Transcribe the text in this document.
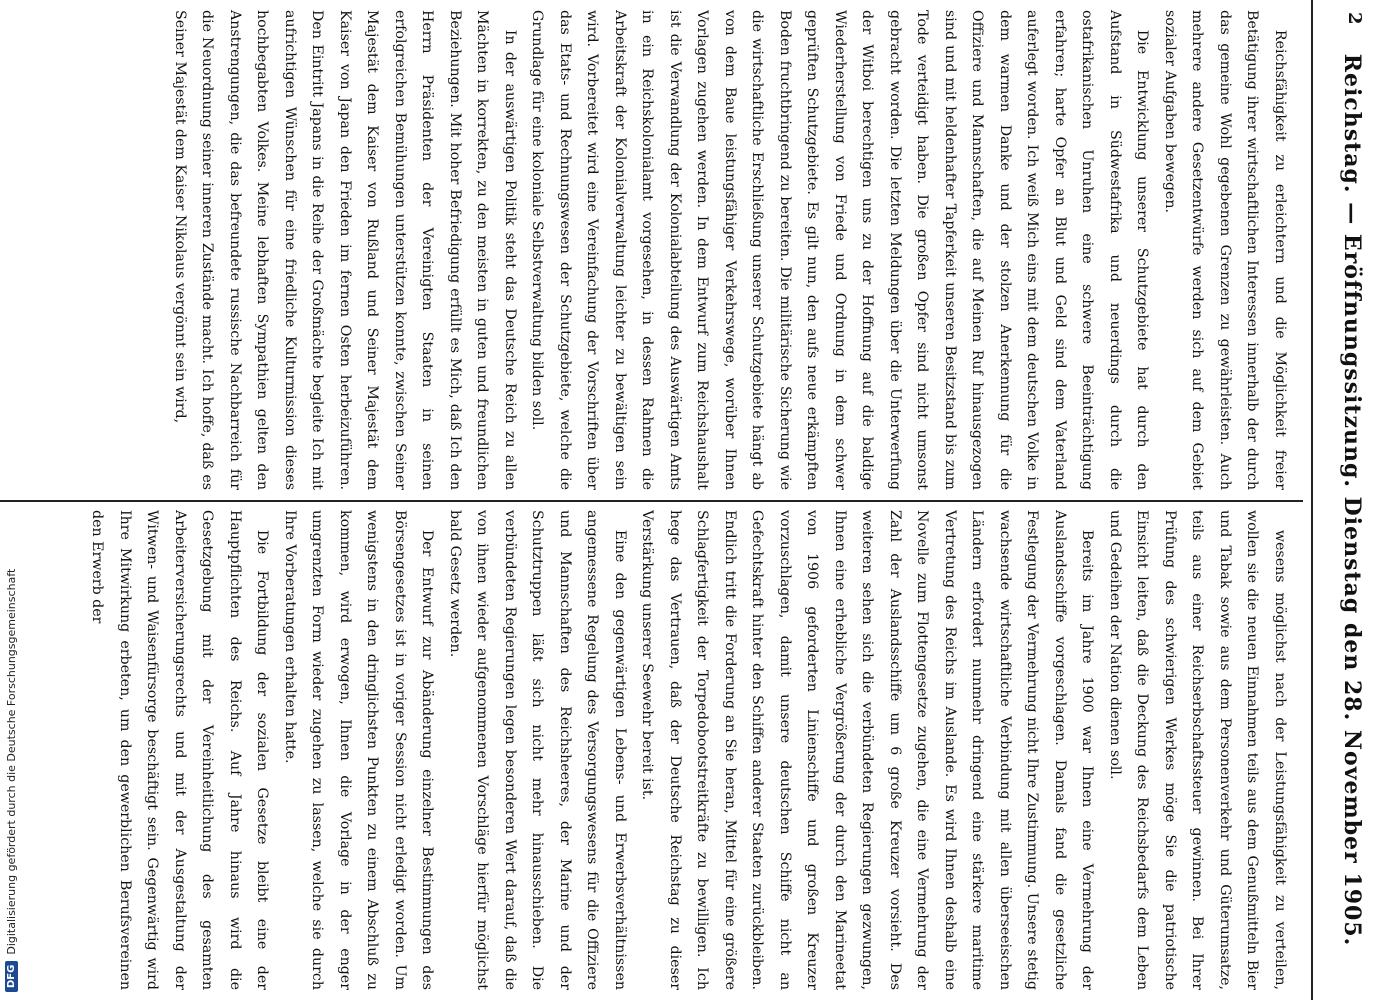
2
Reichstag. — Eröffnungssitzung. Dienstag den 28. November 1905.

Reichsfähigkeit zu erleichtern und die Möglichkeit freier Betätigung ihrer wirtschaftlichen Interessen innerhalb der durch das gemeine Wohl gegebenen Grenzen zu gewährleisten. Auch mehrere andere Gesetzentwürfe werden sich auf dem Gebiet sozialer Aufgaben bewegen.

Die Entwicklung unserer Schutzgebiete hat durch den Aufstand in Südwestafrika und neuerdings durch die ostafrikanischen Unruhen eine schwere Beeinträchtigung erfahren; harte Opfer an Blut und Geld sind dem Vaterland auferlegt worden. Ich weiß Mich eins mit dem deutschen Volke in dem warmen Danke und der stolzen Anerkennung für die Offiziere und Mannschaften, die auf Meinen Ruf hinausgezogen sind und mit heldenhafter Tapferkeit unseren Besitzstand bis zum Tode verteidigt haben. Die großen Opfer sind nicht umsonst gebracht worden. Die letzten Meldungen über die Unterwerfung der Witboi berechtigen uns zu der Hoffnung auf die baldige Wiederherstellung von Friede und Ordnung in dem schwer geprüften Schutzgebiete. Es gilt nun, den aufs neue erkämpften Boden fruchtbringend zu bereiten. Die militärische Sicherung wie die wirtschaftliche Erschließung unserer Schutzgebiete hängt ab von dem Baue leistungsfähiger Verkehrswege, worüber Ihnen Vorlagen zugehen werden. In dem Entwurf zum Reichshaushalt ist die Verwandlung der Kolonialabteilung des Auswärtigen Amts in ein Reichskolonialamt vorgesehen, in dessen Rahmen die Arbeitskraft der Kolonialverwaltung leichter zu bewältigen sein wird. Vorbereitet wird eine Vereinfachung der Vorschriften über das Etats- und Rechnungswesen der Schutzgebiete, welche die Grundlage für eine koloniale Selbstverwaltung bilden soll.

In der auswärtigen Politik steht das Deutsche Reich zu allen Mächten in korrekten, zu den meisten in guten und freundlichen Beziehungen. Mit hoher Befriedigung erfüllt es Mich, daß Ich den Herrn Präsidenten der Vereinigten Staaten in seinen erfolgreichen Bemühungen unterstützen konnte, zwischen Seiner Majestät dem Kaiser von Rußland und Seiner Majestät dem Kaiser von Japan den Frieden im fernen Osten herbeizuführen. Den Eintritt Japans in die Reihe der Großmächte begleite Ich mit aufrichtigen Wünschen für eine friedliche Kulturmission dieses hochbegabten Volkes. Meine lebhaften Sympathien gelten den Anstrengungen, die das befreundete russische Nachbarreich für die Neuordnung seiner inneren Zustände macht. Ich hoffe, daß es Seiner Majestät dem Kaiser Nikolaus vergönnt sein wird,

wesens möglichst nach der Leistungsfähigkeit zu verteilen, wollen sie die neuen Einnahmen teils aus dem Genußmitteln Bier und Tabak sowie aus dem Personenverkehr und Güterumsatze, teils aus einer Reichserbschaftssteuer gewinnen. Bei Ihrer Prüfung des schwierigen Werkes möge Sie die patriotische Einsicht leiten, daß die Deckung des Reichsbedarfs dem Leben und Gedeihen der Nation dienen soll.

Bereits im Jahre 1900 war Ihnen eine Vermehrung der Auslandsschiffe vorgeschlagen. Damals fand die gesetzliche Festlegung der Vermehrung nicht Ihre Zustimmung. Unsere stetig wachsende wirtschaftliche Verbindung mit allen überseeischen Ländern erfordert nunmehr dringend eine stärkere maritime Vertretung des Reichs im Auslande. Es wird Ihnen deshalb eine Novelle zum Flottengesetze zugehen, die eine Vermehrung der Zahl der Auslandsschiffe um 6 große Kreuzer vorsieht. Des weiteren sehen sich die verbündeten Regierungen gezwungen, Ihnen eine erhebliche Vergrößerung der durch den Marineetat von 1906 geforderten Linienschiffe und großen Kreuzer vorzuschlagen, damit unsere deutschen Schiffe nicht an Gefechtskraft hinter den Schiffen anderer Staaten zurückbleiben. Endlich tritt die Forderung an Sie heran, Mittel für eine größere Schlagfertigkeit der Torpedobootstreitkräfte zu bewilligen. Ich hege das Vertrauen, daß der Deutsche Reichstag zu dieser Verstärkung unserer Seewehr bereit ist.

Eine den gegenwärtigen Lebens- und Erwerbsverhältnissen angemessene Regelung des Versorgungswesens für die Offiziere und Mannschaften des Reichsheeres, der Marine und der Schutztruppen läßt sich nicht mehr hinausschieben. Die verbündeten Regierungen legen besonderen Wert darauf, daß die von ihnen wieder aufgenommenen Vorschläge hierfür möglichst bald Gesetz werden.

Der Entwurf zur Abänderung einzelner Bestimmungen des Börsengesetzes ist in voriger Session nicht erledigt worden. Um wenigstens in den dringlichsten Punkten zu einem Abschluß zu kommen, wird erwogen, Ihnen die Vorlage in der enger umgrenzten Form wieder zugehen zu lassen, welche sie durch Ihre Vorberatungen erhalten hatte.

Die Fortbildung der sozialen Gesetze bleibt eine der Hauptpflichten des Reichs. Auf Jahre hinaus wird die Gesetzgebung mit der Vereinheitlichung des gesamten Arbeiterversicherungsrechts und mit der Ausgestaltung der Witwen- und Waisenfürsorge beschäftigt sein. Gegenwärtig wird Ihre Mitwirkung erbeten, um den gewerblichen Berufsvereinen den Erwerb der

DFG
Digitalisierung gefördert durch die Deutsche Forschungsgemeinschaft
